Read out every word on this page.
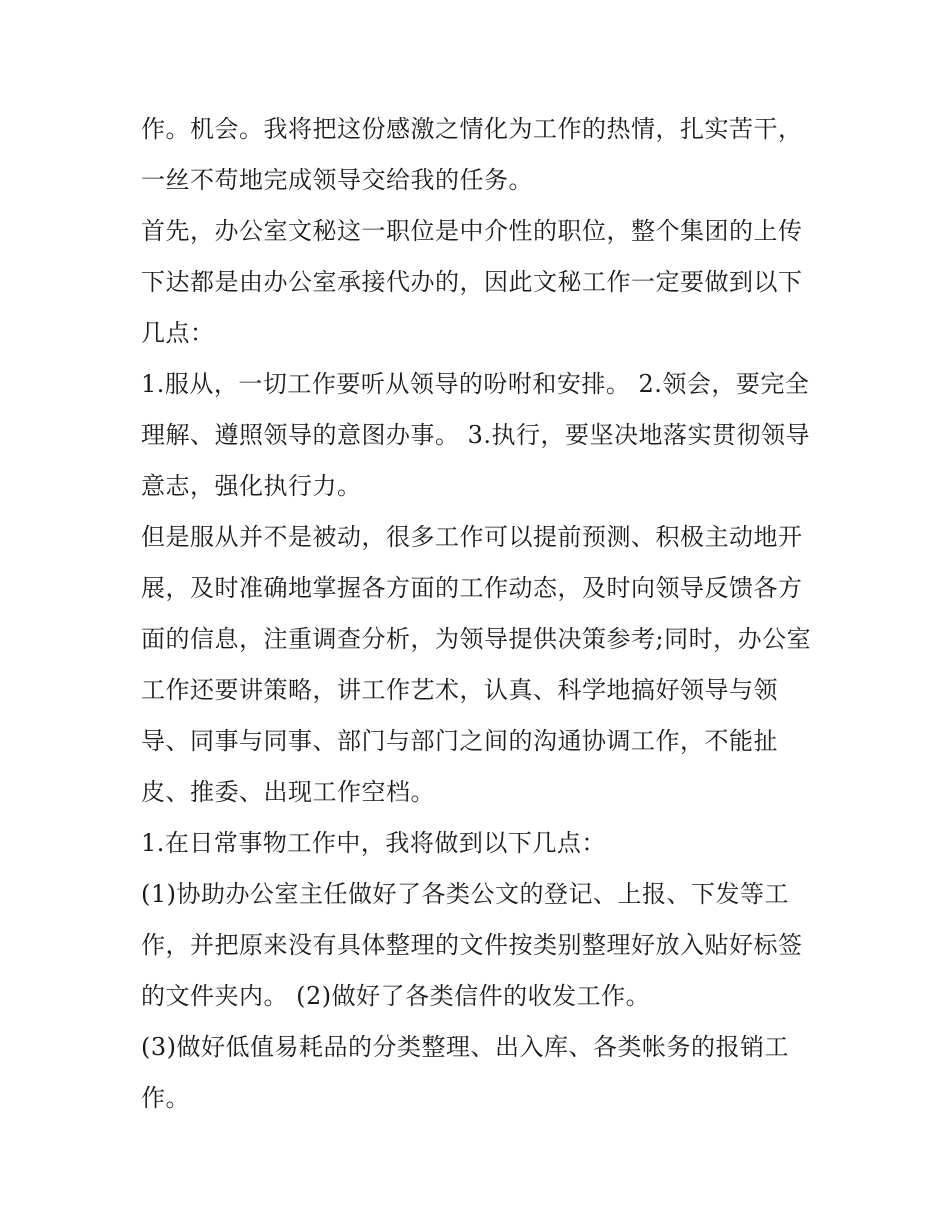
作。机会。我将把这份感激之情化为工作的热情，扎实苦干，一丝不苟地完成领导交给我的任务。

首先，办公室文秘这一职位是中介性的职位，整个集团的上传下达都是由办公室承接代办的，因此文秘工作一定要做到以下几点：

1.服从，一切工作要听从领导的吩咐和安排。 2.领会，要完全理解、遵照领导的意图办事。 3.执行，要坚决地落实贯彻领导意志，强化执行力。

但是服从并不是被动，很多工作可以提前预测、积极主动地开展，及时准确地掌握各方面的工作动态，及时向领导反馈各方面的信息，注重调查分析，为领导提供决策参考;同时，办公室工作还要讲策略，讲工作艺术，认真、科学地搞好领导与领导、同事与同事、部门与部门之间的沟通协调工作，不能扯皮、推委、出现工作空档。

1.在日常事物工作中，我将做到以下几点：

(1)协助办公室主任做好了各类公文的登记、上报、下发等工作，并把原来没有具体整理的文件按类别整理好放入贴好标签的文件夹内。 (2)做好了各类信件的收发工作。

(3)做好低值易耗品的分类整理、出入库、各类帐务的报销工作。
